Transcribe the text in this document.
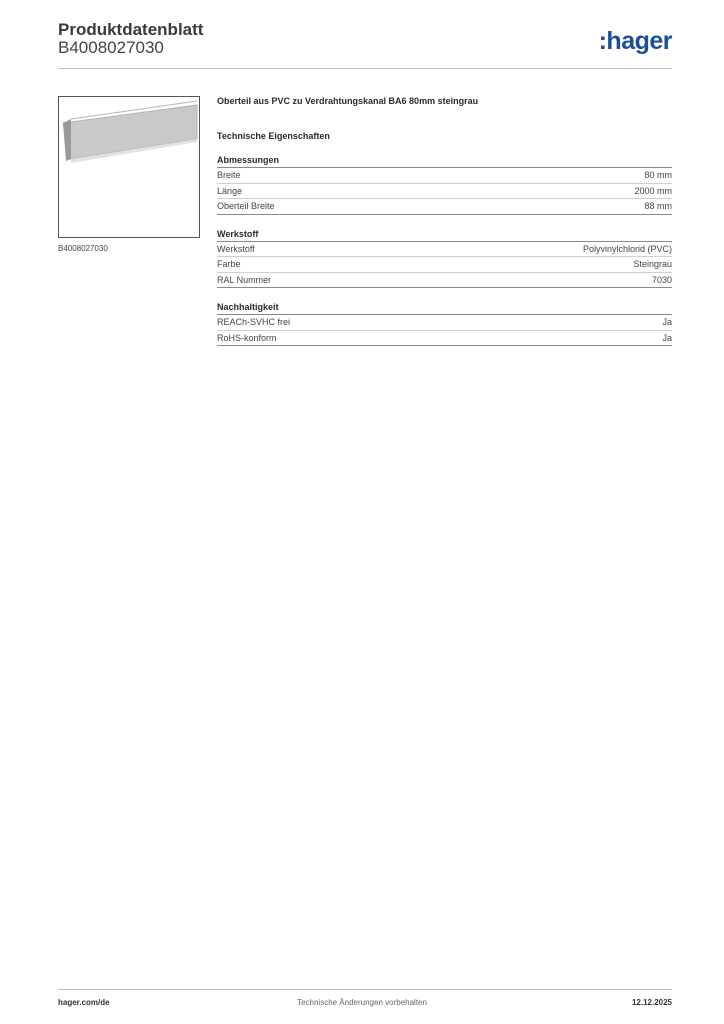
Produktdatenblatt
B4008027030	:hager
B4008027030
Oberteil aus PVC zu Verdrahtungskanal BA6 80mm steingrau
Technische Eigenschaften
Abmessungen
Breite	80 mm
Länge	2000 mm
Oberteil Breite	88 mm
Werkstoff
Werkstoff	Polyvinylchlorid (PVC)
Farbe	Steingrau
RAL Nummer	7030
Nachhaltigkeit
REACh-SVHC frei	Ja
RoHS-konform	Ja
hager.com/de	Technische Änderungen vorbehalten	12.12.2025
